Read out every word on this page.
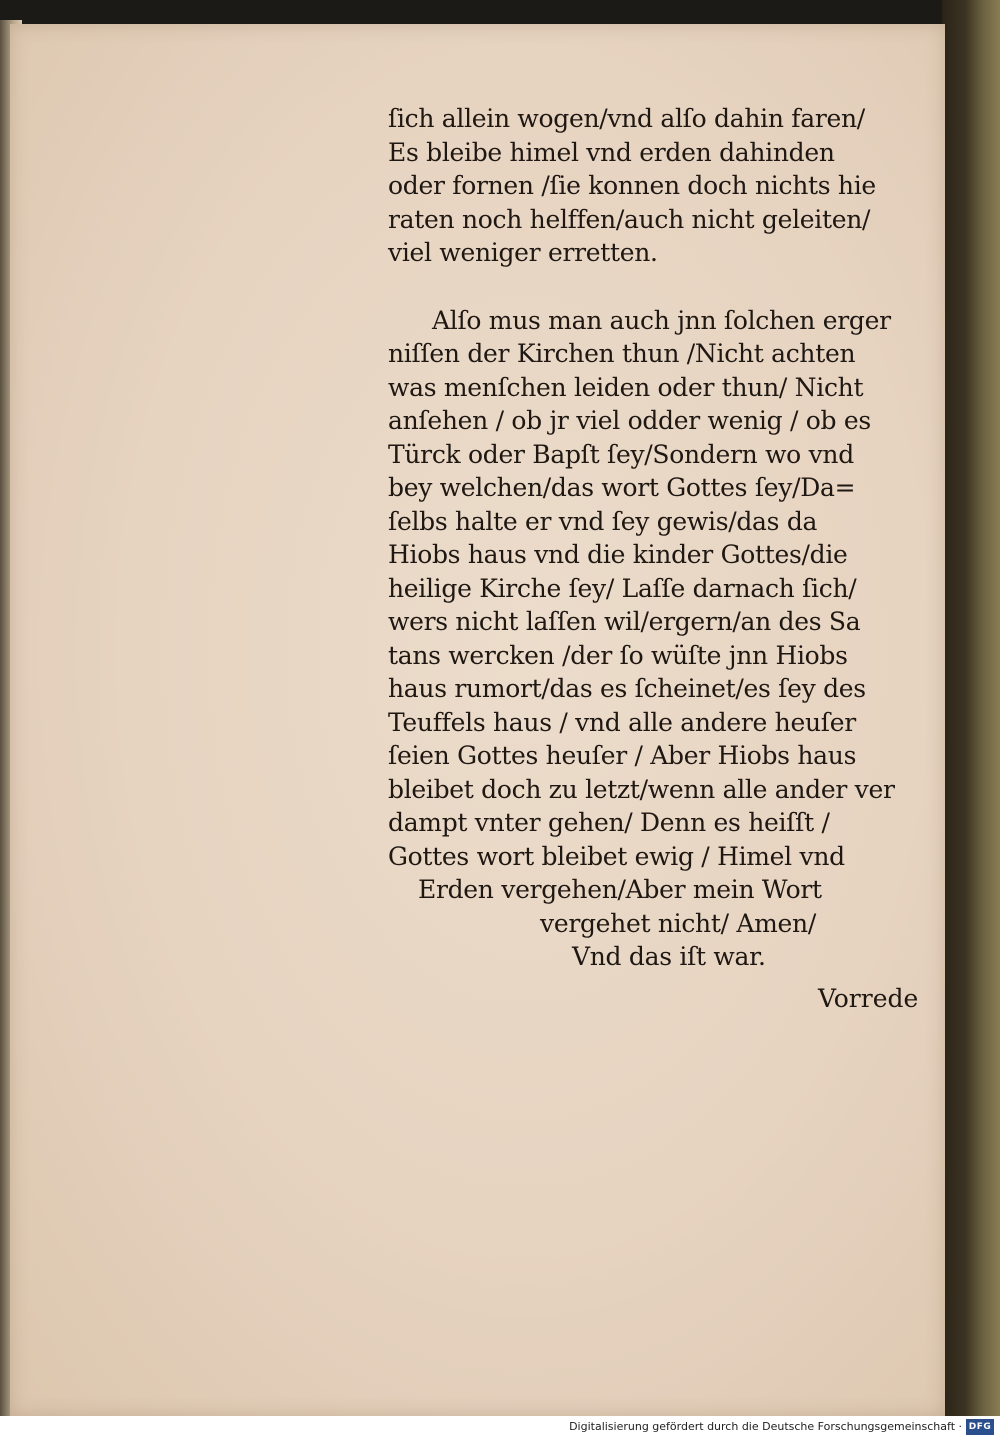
ſich allein wogen/vnd alſo dahin faren/
Es bleibe himel vnd erden dahinden
oder fornen /ſie konnen doch nichts hie
raten noch helffen/auch nicht geleiten/
viel weniger erretten.
Alſo mus man auch jnn ſolchen erger
niſſen der Kirchen thun /Nicht achten
was menſchen leiden oder thun/ Nicht
anſehen / ob jr viel odder wenig / ob es
Türck oder Bapſt ſey/Sondern wo vnd
bey welchen/das wort Gottes ſey/Da=
ſelbs halte er vnd ſey gewis/das da
Hiobs haus vnd die kinder Gottes/die
heilige Kirche ſey/ Laſſe darnach ſich/
wers nicht laſſen wil/ergern/an des Sa
tans wercken /der ſo wüſte jnn Hiobs
haus rumort/das es ſcheinet/es ſey des
Teuffels haus / vnd alle andere heuſer
ſeien Gottes heuſer / Aber Hiobs haus
bleibet doch zu letzt/wenn alle ander ver
dampt vnter gehen/ Denn es heiſſt /
Gottes wort bleibet ewig / Himel vnd
Erden vergehen/Aber mein Wort
vergehet nicht/ Amen/
Vnd das iſt war.
Vorrede
Digitalisierung gefördert durch die Deutsche Forschungsgemeinschaft · DFG
